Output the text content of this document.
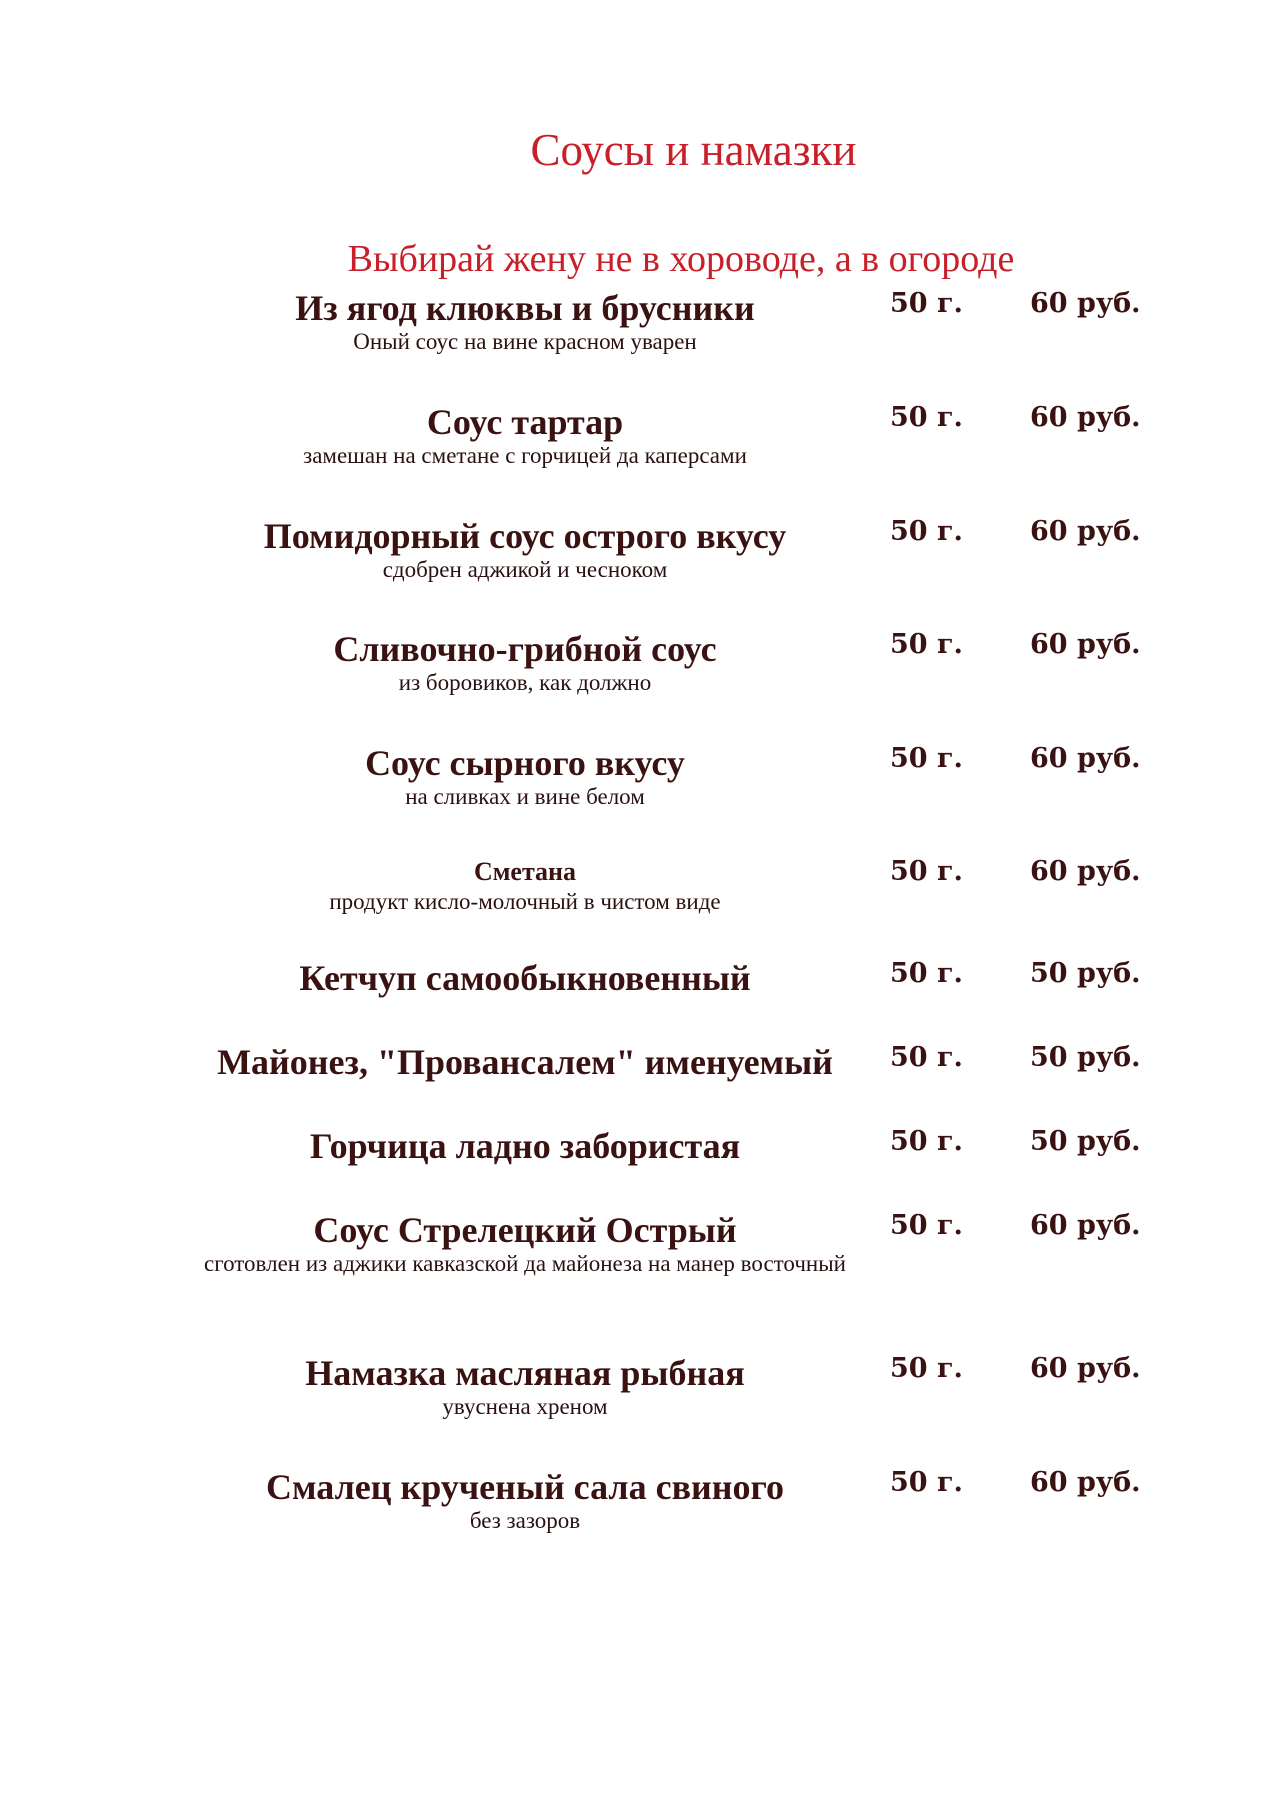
Соусы и намазки
Выбирай жену не в хороводе, а в огороде
Из ягод клюквы и брусники
Оный соус на вине красном уварен
50 г. 60 руб.
Соус тартар
замешан на сметане с горчицей да каперсами
50 г. 60 руб.
Помидорный соус острого вкусу
сдобрен аджикой и чесноком
50 г. 60 руб.
Сливочно-грибной соус
из боровиков, как должно
50 г. 60 руб.
Соус сырного вкусу
на сливках и вине белом
50 г. 60 руб.
Сметана
продукт кисло-молочный в чистом виде
50 г. 60 руб.
Кетчуп самообыкновенный	50 г. 50 руб.
Майонез, "Провансалем" именуемый	50 г. 50 руб.
Горчица ладно забористая	50 г. 50 руб.
Соус Стрелецкий Острый
сготовлен из аджики кавказской да майонеза на манер восточный
50 г. 60 руб.
Намазка масляная рыбная
увуснена хреном
50 г. 60 руб.
Смалец крученый сала свиного
без зазоров
50 г. 60 руб.
